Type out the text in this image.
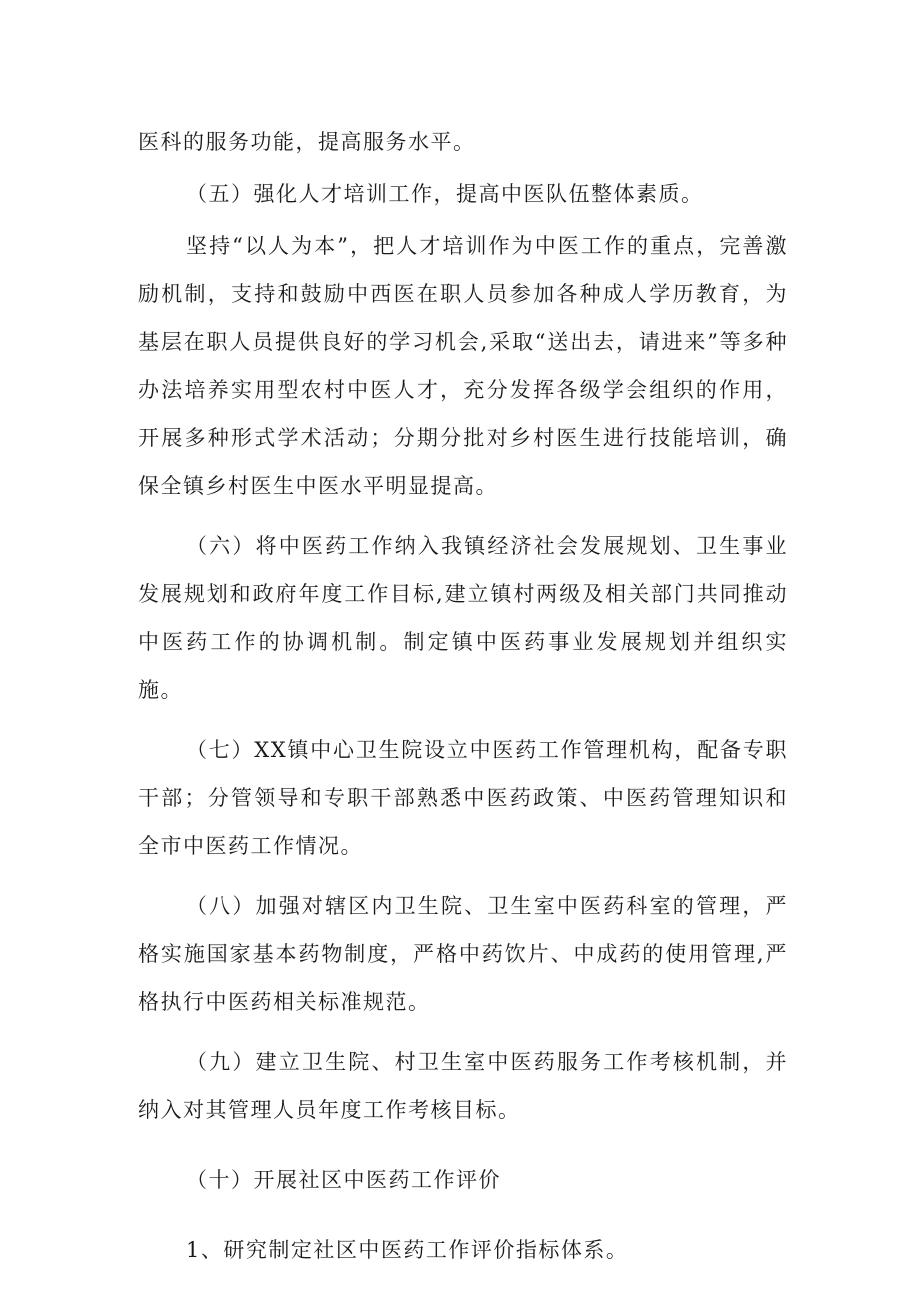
医科的服务功能，提高服务水平。

（五）强化人才培训工作，提高中医队伍整体素质。

坚持“以人为本”，把人才培训作为中医工作的重点，完善激励机制，支持和鼓励中西医在职人员参加各种成人学历教育，为基层在职人员提供良好的学习机会,采取“送出去，请进来”等多种办法培养实用型农村中医人才，充分发挥各级学会组织的作用，开展多种形式学术活动；分期分批对乡村医生进行技能培训，确保全镇乡村医生中医水平明显提高。

（六）将中医药工作纳入我镇经济社会发展规划、卫生事业发展规划和政府年度工作目标,建立镇村两级及相关部门共同推动中医药工作的协调机制。制定镇中医药事业发展规划并组织实施。

（七）XX镇中心卫生院设立中医药工作管理机构，配备专职干部；分管领导和专职干部熟悉中医药政策、中医药管理知识和全市中医药工作情况。

（八）加强对辖区内卫生院、卫生室中医药科室的管理，严格实施国家基本药物制度，严格中药饮片、中成药的使用管理,严格执行中医药相关标准规范。

（九）建立卫生院、村卫生室中医药服务工作考核机制，并纳入对其管理人员年度工作考核目标。

（十）开展社区中医药工作评价

1、研究制定社区中医药工作评价指标体系。
